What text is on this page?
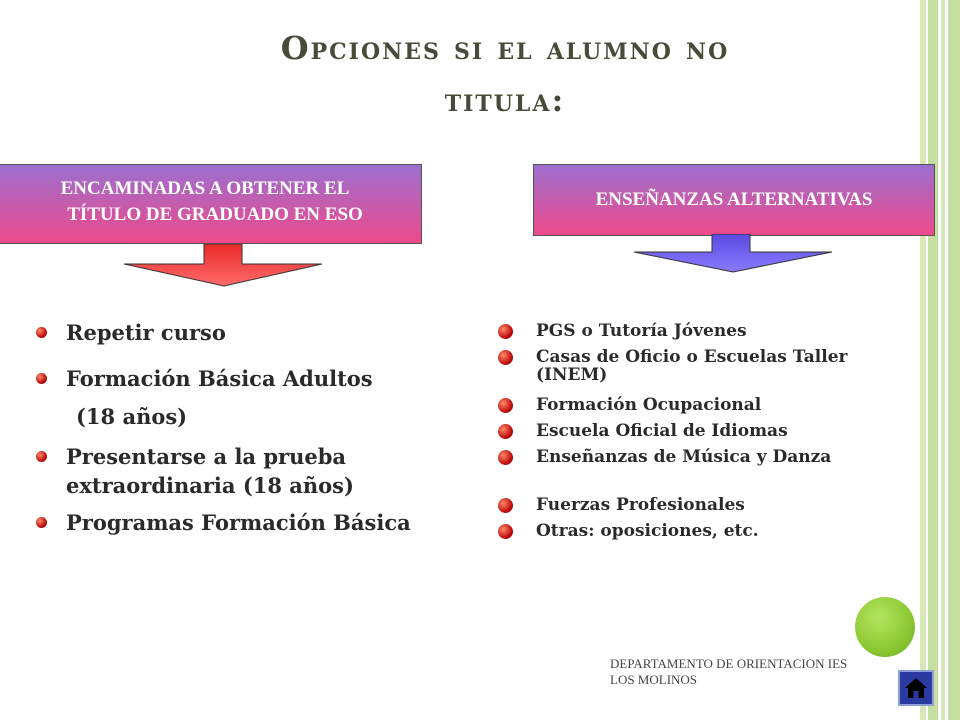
Opciones si el alumno no
titula:
ENCAMINADAS A OBTENER EL
TÍTULO DE GRADUADO EN ESO
ENSEÑANZAS ALTERNATIVAS
Repetir curso
Formación Básica Adultos
(18 años)
Presentarse a la prueba extraordinaria (18 años)
Programas Formación Básica
PGS o Tutoría Jóvenes
Casas de Oficio o Escuelas Taller (INEM)
Formación Ocupacional
Escuela Oficial de Idiomas
Enseñanzas de Música y Danza
Fuerzas Profesionales
Otras: oposiciones, etc.
DEPARTAMENTO DE ORIENTACION IES LOS MOLINOS
